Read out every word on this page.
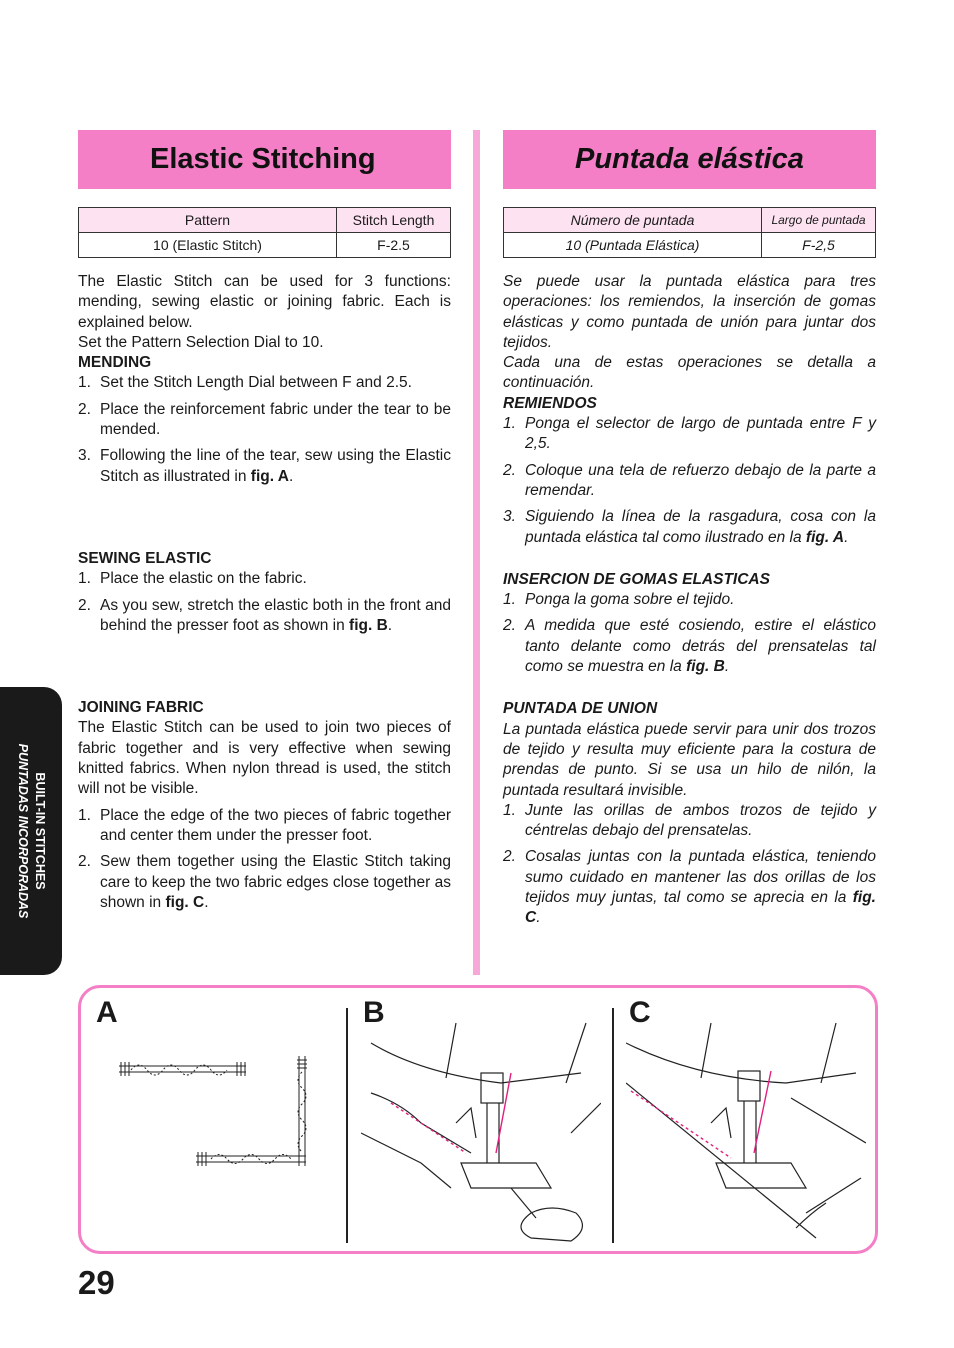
Elastic Stitching
Pattern	Stitch Length
10 (Elastic Stitch)	F-2.5

The Elastic Stitch can be used for 3 functions: mending, sewing elastic or joining fabric. Each is explained below.

Set the Pattern Selection Dial to 10.

MENDING
1. Set the Stitch Length Dial between F and 2.5.
2. Place the reinforcement fabric under the tear to be mended.
3. Following the line of the tear, sew using the Elastic Stitch as illustrated in fig. A.
SEWING ELASTIC
1. Place the elastic on the fabric.
2. As you sew, stretch the elastic both in the front and behind the presser foot as shown in fig. B.
JOINING FABRIC

The Elastic Stitch can be used to join two pieces of fabric together and is very effective when sewing knitted fabrics. When nylon thread is used, the stitch will not be visible.

1. Place the edge of the two pieces of fabric together and center them under the presser foot.
2. Sew them together using the Elastic Stitch taking care to keep the two fabric edges close together as shown in fig. C.
Puntada elástica
Número de puntada	Largo de puntada
10 (Puntada Elástica)	F-2,5

Se puede usar la puntada elástica para tres operaciones: los remiendos, la inserción de gomas elásticas y como puntada de unión para juntar dos tejidos.

Cada una de estas operaciones se detalla a continuación.

REMIENDOS
1. Ponga el selector de largo de puntada entre F y 2,5.
2. Coloque una tela de refuerzo debajo de la parte a remendar.
3. Siguiendo la línea de la rasgadura, cosa con la puntada elástica tal como ilustrado en la fig. A.
INSERCION DE GOMAS ELASTICAS
1. Ponga la goma sobre el tejido.
2. A medida que esté cosiendo, estire el elástico tanto delante como detrás del prensatelas tal como se muestra en la fig. B.
PUNTADA DE UNION

La puntada elástica puede servir para unir dos trozos de tejido y resulta muy eficiente para la costura de prendas de punto. Si se usa un hilo de nilón, la puntada resultará invisible.

1. Junte las orillas de ambos trozos de tejido y céntrelas debajo del prensatelas.
2. Cosalas juntas con la puntada elástica, teniendo sumo cuidado en mantener las dos orillas de los tejidos muy juntas, tal como se aprecia en la fig. C.
BUILT-IN STITCHES
PUNTADAS INCORPORADAS
A	B	C
29
